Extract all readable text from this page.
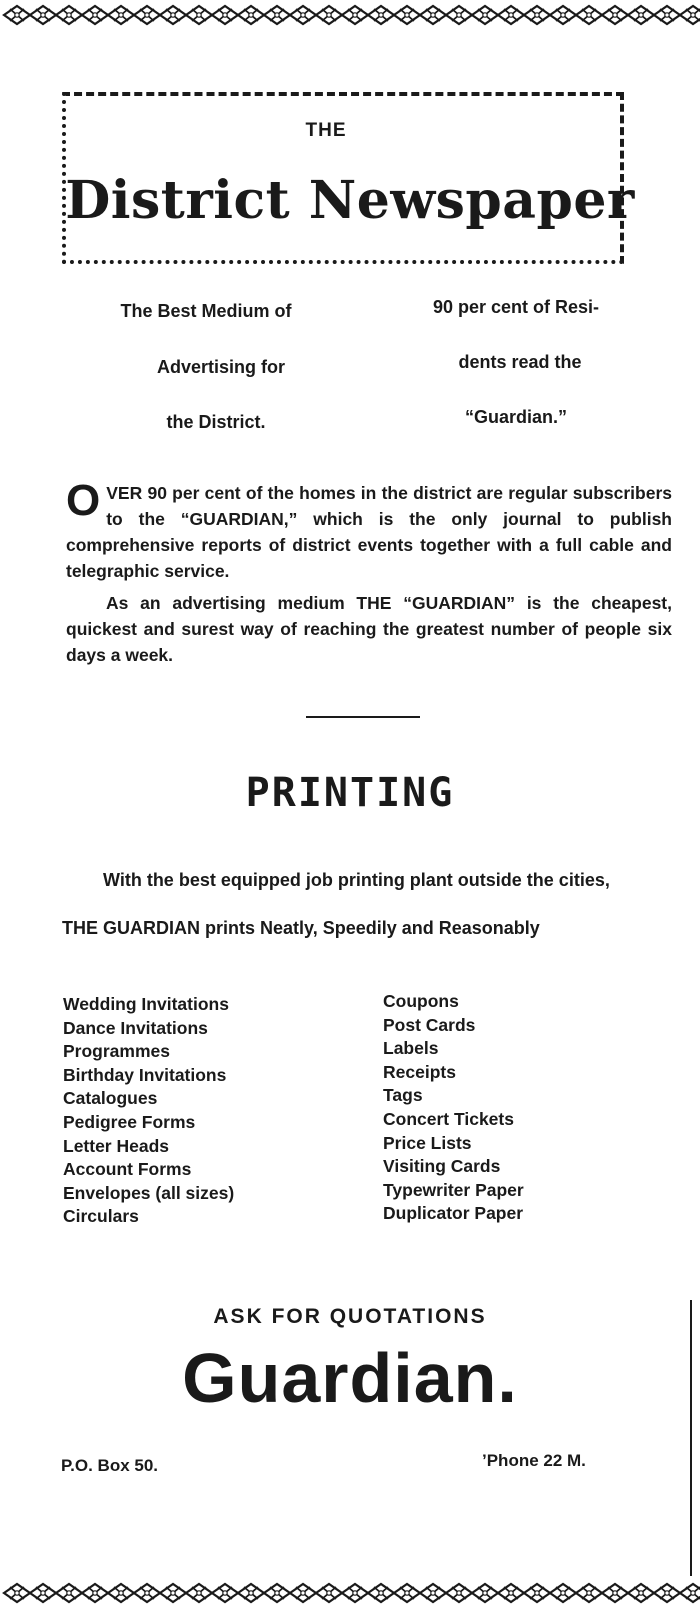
THE
District Newspaper
The Best Medium of
Advertising for
the District.
90 per cent of Resi-
dents read the
“Guardian.”
OVER 90 per cent of the homes in the district are regular subscribers to the “GUARDIAN,” which is the only journal to publish comprehensive reports of district events together with a full cable and telegraphic service.
As an advertising medium THE “GUARDIAN” is the cheapest, quickest and surest way of reaching the greatest number of people six days a week.
PRINTING
With the best equipped job printing plant outside the cities,
THE GUARDIAN prints Neatly, Speedily and Reasonably
Wedding Invitations
Dance Invitations
Programmes
Birthday Invitations
Catalogues
Pedigree Forms
Letter Heads
Account Forms
Envelopes (all sizes)
Circulars
Coupons
Post Cards
Labels
Receipts
Tags
Concert Tickets
Price Lists
Visiting Cards
Typewriter Paper
Duplicator Paper
ASK FOR QUOTATIONS
Guardian.
P.O. Box 50.	’Phone 22 M.
